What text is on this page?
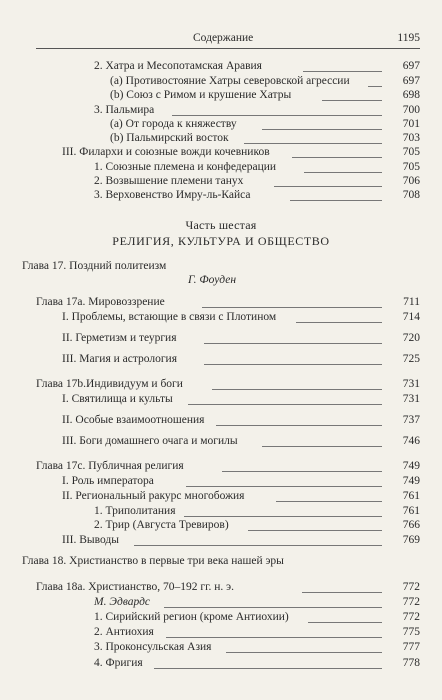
Содержание	1195
2. Хатра и Месопотамская Аравия	697
(a) Противостояние Хатры северовской агрессии	697
(b) Союз с Римом и крушение Хатры	698
3. Пальмира	700
(a) От города к княжеству	701
(b) Пальмирский восток	703
III. Филархи и союзные вожди кочевников	705
1. Союзные племена и конфедерации	705
2. Возвышение племени танух	706
3. Верховенство Имру-ль-Кайса	708
Часть шестая
РЕЛИГИЯ, КУЛЬТУРА И ОБЩЕСТВО
Глава 17. Поздний политеизм
Г. Фоуден
Глава 17а. Мировоззрение	711
I. Проблемы, встающие в связи с Плотином	714
II. Герметизм и теургия	720
III. Магия и астрология	725
Глава 17b.Индивидуум и боги	731
I. Святилища и культы	731
II. Особые взаимоотношения	737
III. Боги домашнего очага и могилы	746
Глава 17с. Публичная религия	749
I. Роль императора	749
II. Региональный ракурс многобожия	761
1. Триполитания	761
2. Трир (Августа Тревиров)	766
III. Выводы	769
Глава 18. Христианство в первые три века нашей эры
Глава 18а. Христианство, 70–192 гг. н. э.	772
М. Эдвардс	772
1. Сирийский регион (кроме Антиохии)	772
2. Антиохия	775
3. Проконсульская Азия	777
4. Фригия	778
